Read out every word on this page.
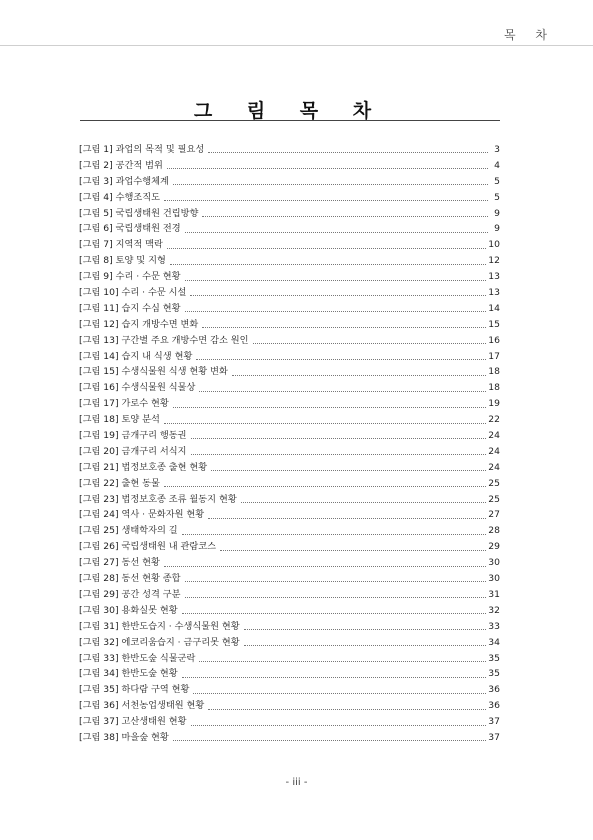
목 차
그 림 목 차
[그림 1] 과업의 목적 및 필요성	3
[그림 2] 공간적 범위	4
[그림 3] 과업수행체계	5
[그림 4] 수행조직도	5
[그림 5] 국립생태원 건립방향	9
[그림 6] 국립생태원 전경	9
[그림 7] 지역적 맥락	10
[그림 8] 토양 및 지형	12
[그림 9] 수리 · 수문 현황	13
[그림 10] 수리 · 수문 시설	13
[그림 11] 습지 수심 현황	14
[그림 12] 습지 개방수면 변화	15
[그림 13] 구간별 주요 개방수면 감소 원인	16
[그림 14] 습지 내 식생 현황	17
[그림 15] 수생식물원 식생 현황 변화	18
[그림 16] 수생식물원 식물상	18
[그림 17] 가로수 현황	19
[그림 18] 토양 분석	22
[그림 19] 금개구리 행동권	24
[그림 20] 금개구리 서식지	24
[그림 21] 법정보호종 출현 현황	24
[그림 22] 출현 동물	25
[그림 23] 법정보호종 조류 월동지 현황	25
[그림 24] 역사 · 문화자원 현황	27
[그림 25] 생태학자의 길	28
[그림 26] 국립생태원 내 관람코스	29
[그림 27] 동선 현황	30
[그림 28] 동선 현황 종합	30
[그림 29] 공간 성격 구분	31
[그림 30] 용화실못 현황	32
[그림 31] 한반도습지 · 수생식물원 현황	33
[그림 32] 에코리움습지 · 금구리못 현황	34
[그림 33] 한반도숲 식물군락	35
[그림 34] 한반도숲 현황	35
[그림 35] 하다람 구역 현황	36
[그림 36] 서천농업생태원 현황	36
[그림 37] 고산생태원 현황	37
[그림 38] 마을숲 현황	37
- iii -
